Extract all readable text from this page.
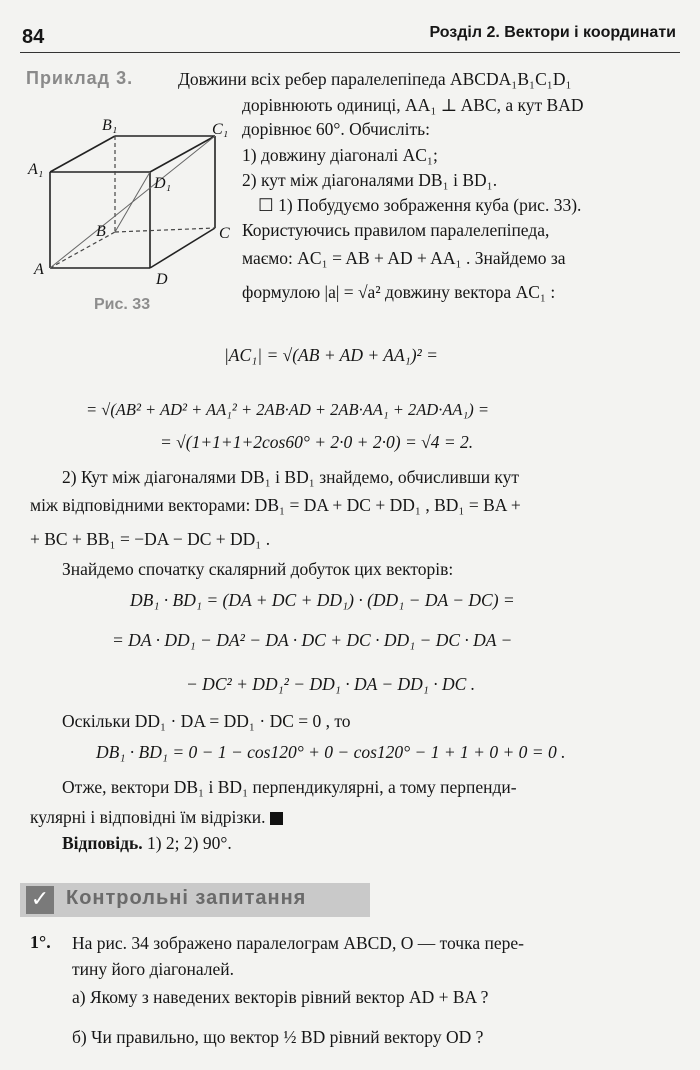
84	Розділ 2. Вектори і координати
Приклад 3.	Довжини всіх ребер паралелепіпеда ABCDA₁B₁C₁D₁
дорівнюють одиниці, AA₁ ⊥ ABC, а кут BAD
дорівнює 60°. Обчисліть:
1) довжину діагоналі AC₁;
2) кут між діагоналями DB₁ і BD₁.
☐ 1) Побудуємо зображення куба (рис. 33).
Користуючись правилом паралелепіпеда,
маємо: AC₁ = AB + AD + AA₁ . Знайдемо за
формулою |a| = √a² довжину вектора AC₁ :
B₁	C₁
A₁
D₁
B	C
A
D
Рис. 33
|AC₁| = √(AB + AD + AA₁)² =
= √(AB² + AD² + AA₁² + 2AB·AD + 2AB·AA₁ + 2AD·AA₁) =
= √(1+1+1+2cos60° + 2·0 + 2·0) = √4 = 2.
2) Кут між діагоналями DB₁ і BD₁ знайдемо, обчисливши кут
між відповідними векторами: DB₁ = DA + DC + DD₁ , BD₁ = BA +
+ BC + BB₁ = −DA − DC + DD₁ .
Знайдемо спочатку скалярний добуток цих векторів:
DB₁ · BD₁ = (DA + DC + DD₁) · (DD₁ − DA − DC) =
= DA · DD₁ − DA² − DA · DC + DC · DD₁ − DC · DA −
− DC² + DD₁² − DD₁ · DA − DD₁ · DC .
Оскільки DD₁ · DA = DD₁ · DC = 0 , то
DB₁ · BD₁ = 0 − 1 − cos120° + 0 − cos120° − 1 + 1 + 0 + 0 = 0 .
Отже, вектори DB₁ і BD₁ перпендикулярні, а тому перпенди-
кулярні і відповідні їм відрізки.
Відповідь. 1) 2; 2) 90°.
✓ Контрольні запитання
1°. На рис. 34 зображено паралелограм ABCD, O — точка пере-
тину його діагоналей.
а) Якому з наведених векторів рівний вектор AD + BA ?
б) Чи правильно, що вектор ½ BD рівний вектору OD ?
